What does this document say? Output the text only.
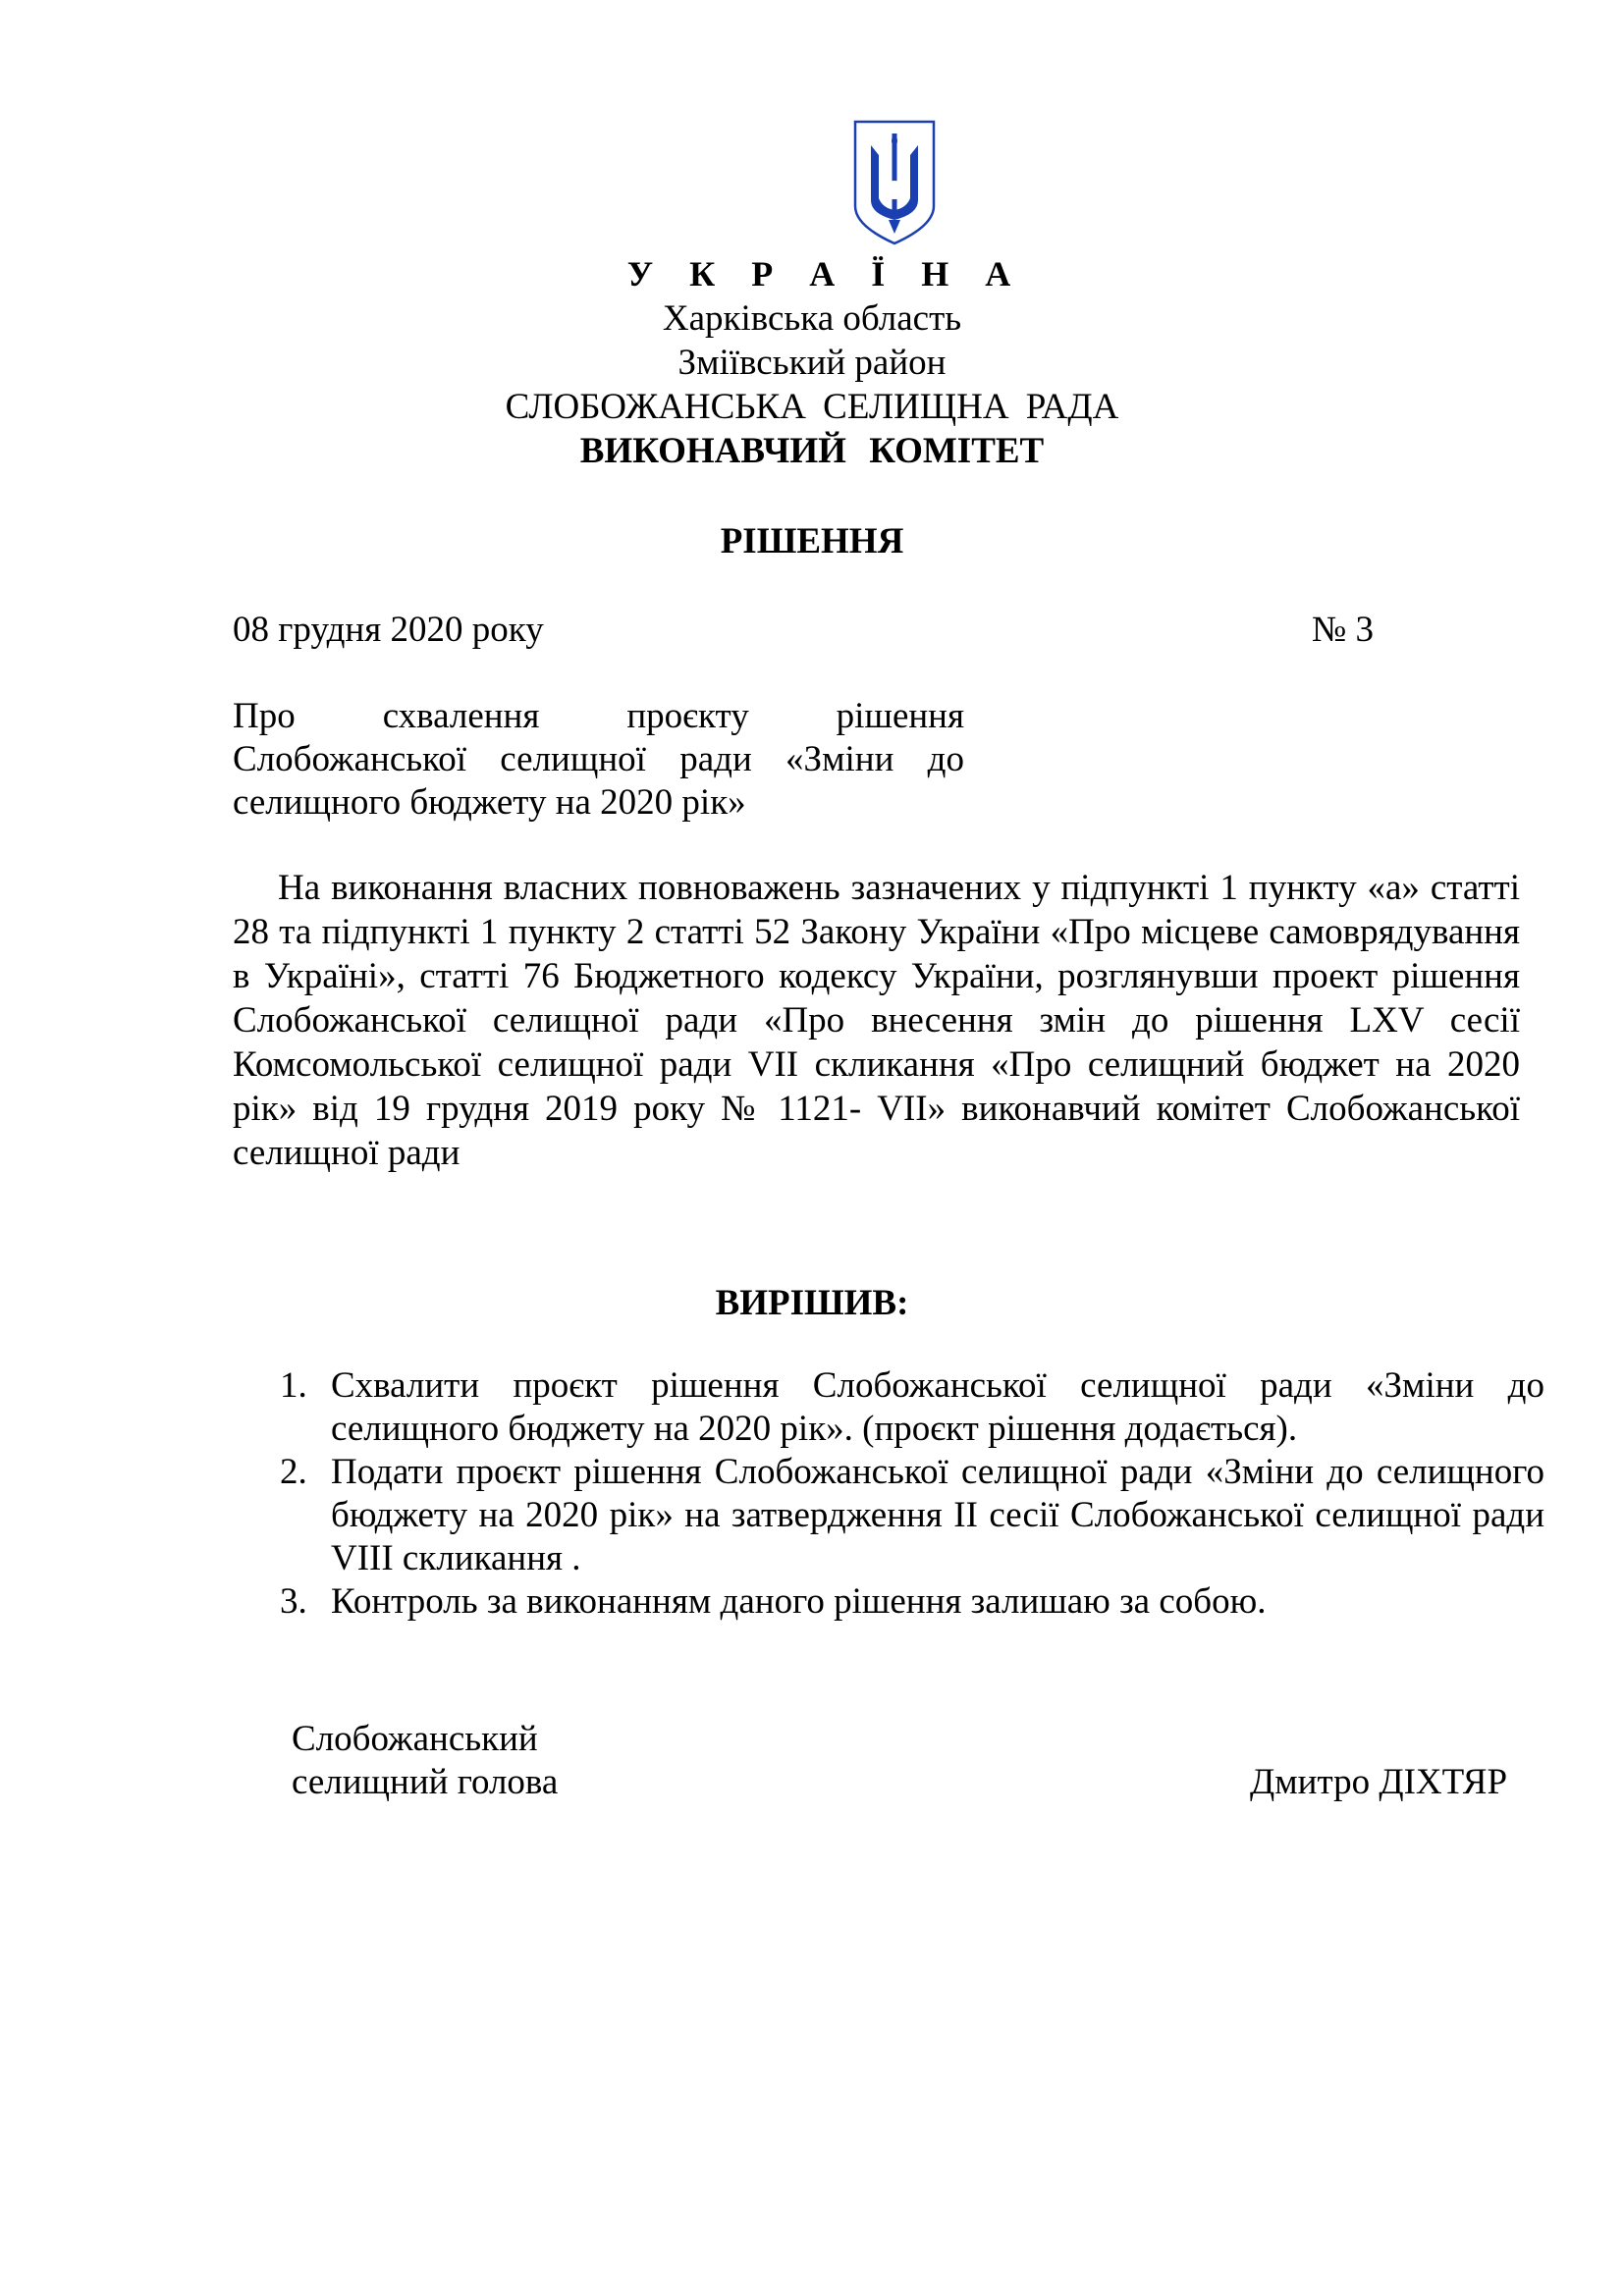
У К Р А Ї Н А
Харківська область
Зміївський район
СЛОБОЖАНСЬКА СЕЛИЩНА РАДА
ВИКОНАВЧИЙ КОМІТЕТ
РІШЕННЯ
08 грудня 2020 року	№ 3
Про схвалення проєкту рішення Слобожанської селищної ради «Зміни до селищного бюджету на 2020 рік»
На виконання власних повноважень зазначених у підпункті 1 пункту «а» статті 28 та підпункті 1 пункту 2 статті 52 Закону України «Про місцеве самоврядування в Україні», статті 76 Бюджетного кодексу України, розглянувши проект рішення Слобожанської селищної ради «Про внесення змін до рішення LXV сесії Комсомольської селищної ради VII скликання «Про селищний бюджет на 2020 рік» від 19 грудня 2019 року № 1121- VII» виконавчий комітет Слобожанської селищної ради
ВИРІШИВ:
1. Схвалити проєкт рішення Слобожанської селищної ради «Зміни до селищного бюджету на 2020 рік». (проєкт рішення додається).
2. Подати проєкт рішення Слобожанської селищної ради «Зміни до селищного бюджету на 2020 рік» на затвердження ІІ сесії Слобожанської селищної ради VIIІ скликання .
3. Контроль за виконанням даного рішення залишаю за собою.
Слобожанський
селищний голова	Дмитро ДІХТЯР
